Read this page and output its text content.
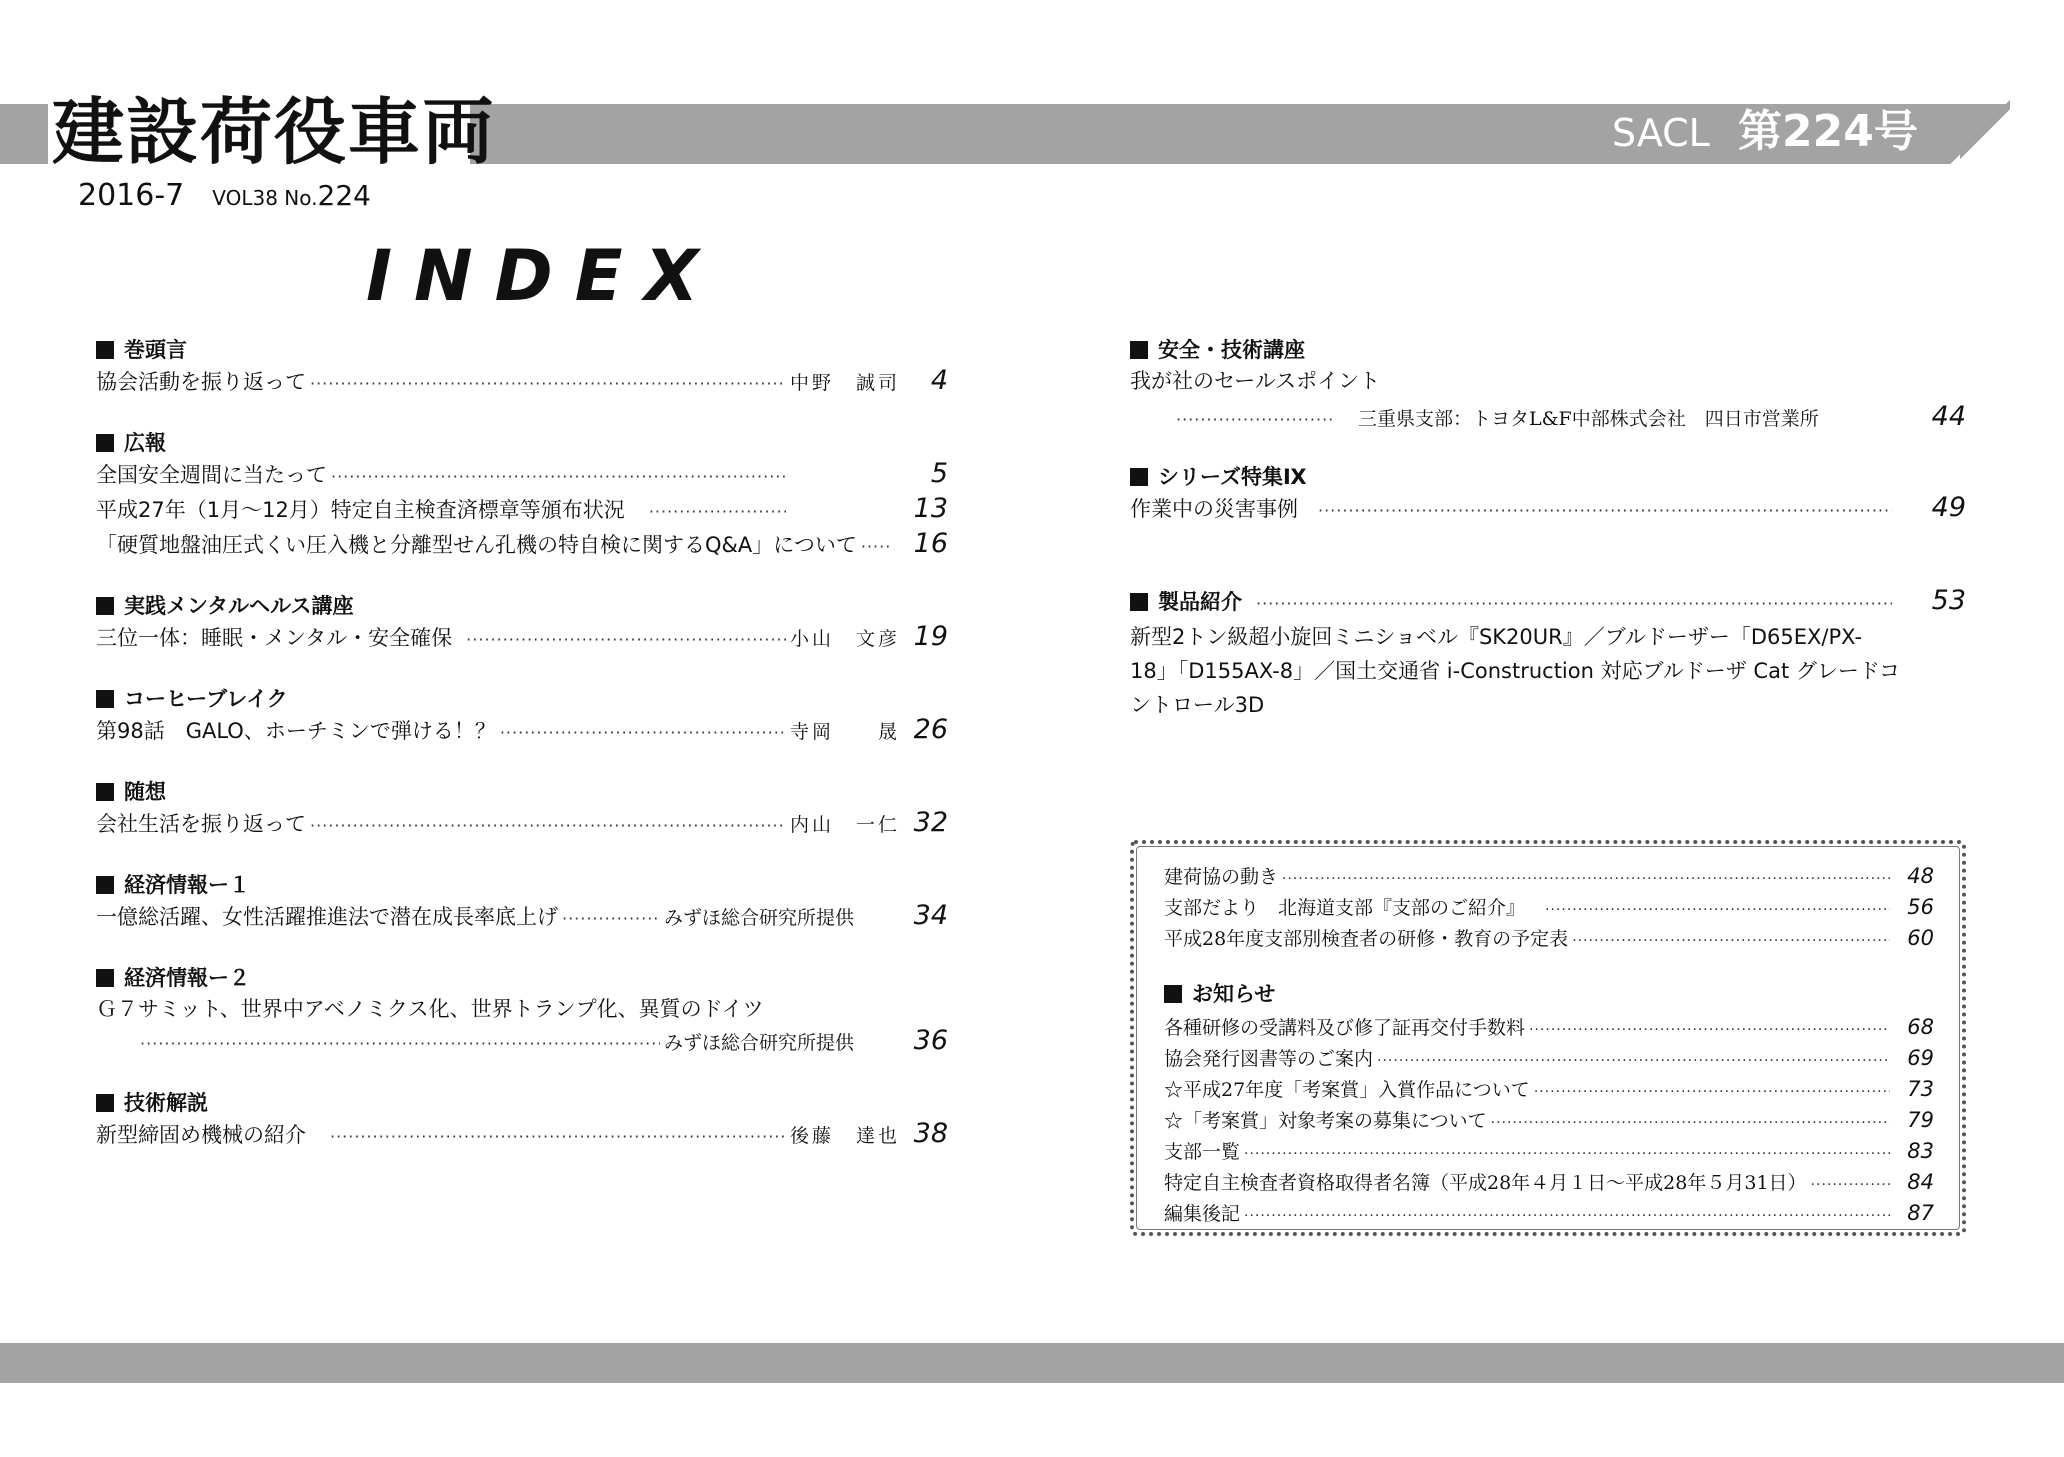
建設荷役車両	SACL 第224号
2016-7 VOL38 No.224
INDEX
巻頭言
協会活動を振り返って ·····	中野　誠司	4
広報
全国安全週間に当たって ·····	5
平成27年（1月〜12月）特定自主検査済標章等頒布状況 ·····	13
「硬質地盤油圧式くい圧入機と分離型せん孔機の特自検に関するQ&A」について ·····	16
実践メンタルヘルス講座
三位一体：睡眠・メンタル・安全確保 ·····	小山　文彦 19
コーヒーブレイク
第98話　GALO、ホーチミンで弾ける！？ ·····	寺岡　　晟 26
随想
会社生活を振り返って ·····	内山　一仁 32
経済情報ー１
一億総活躍、女性活躍推進法で潜在成長率底上げ ·····	みずほ総合研究所提供	34
経済情報ー２
Ｇ７サミット、世界中アベノミクス化、世界トランプ化、異質のドイツ
·····
みずほ総合研究所提供	36
技術解説
新型締固め機械の紹介 ·····	後藤　達也 38
安全・技術講座
我が社のセールスポイント
·····
三重県支部：トヨタL&F中部株式会社　四日市営業所	44
シリーズ特集Ⅸ
作業中の災害事例 ·····	49
製品紹介 ·····	53
新型2トン級超小旋回ミニショベル『SK20UR』／ブルドーザー「D65EX/PX-
18」「D155AX-8」／国土交通省 i-Construction 対応ブルドーザ Cat グレードコ
ントロール3D
建荷協の動き ·····	48
支部だより　北海道支部『支部のご紹介』 ·····	56
平成28年度支部別検査者の研修・教育の予定表 ·····	60
お知らせ
各種研修の受講料及び修了証再交付手数料 ·····	68
協会発行図書等のご案内 ·····	69
☆平成27年度「考案賞」入賞作品について ·····	73
☆「考案賞」対象考案の募集について ·····	79
支部一覧 ·····	83
特定自主検査者資格取得者名簿（平成28年４月１日〜平成28年５月31日） ·····	84
編集後記 ·····	87
